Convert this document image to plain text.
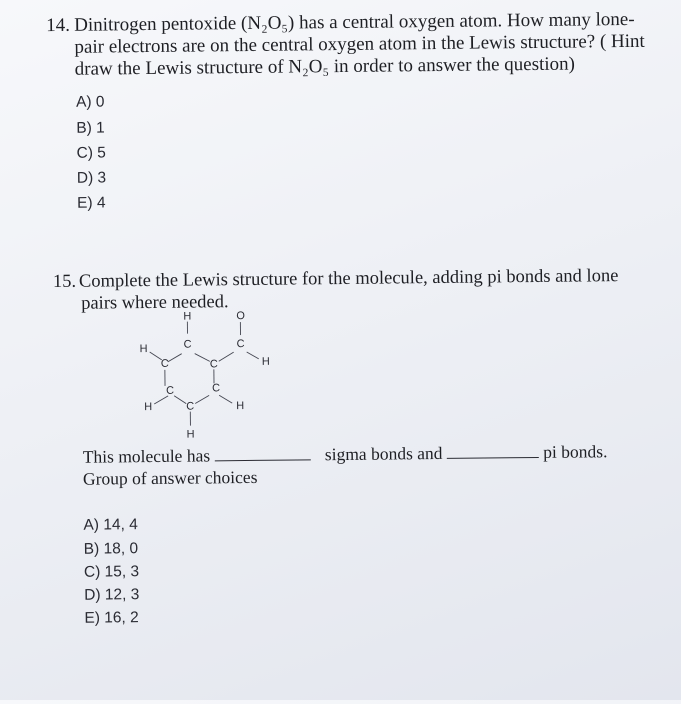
14. Dinitrogen pentoxide (N₂O₅) has a central oxygen atom. How many lone-
pair electrons are on the central oxygen atom in the Lewis structure? ( Hint
draw the Lewis structure of N₂O₅ in order to answer the question)
A) 0
B) 1
C) 5
D) 3
E) 4
15. Complete the Lewis structure for the molecule, adding pi bonds and lone
pairs where needed.
H	O
H	C	C
C	H
C
C	C
C
H	H
H
This molecule has	sigma bonds and	pi bonds.
Group of answer choices
A) 14, 4
B) 18, 0
C) 15, 3
D) 12, 3
E) 16, 2
